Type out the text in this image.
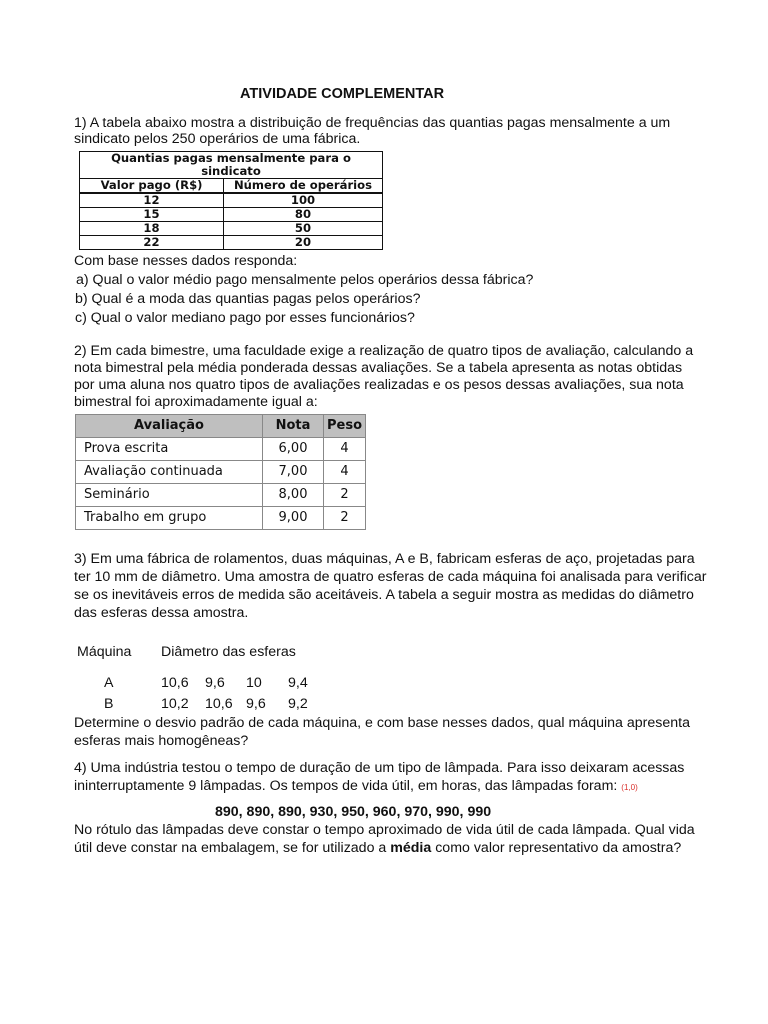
ATIVIDADE COMPLEMENTAR
1) A tabela abaixo mostra a distribuição de frequências das quantias pagas mensalmente a um
sindicato pelos 250 operários de uma fábrica.
Quantias pagas mensalmente para o sindicato	
Valor pago (R$)	Número de operários
12	100
15	80
18	50
22	20
Com base nesses dados responda:
a) Qual o valor médio pago mensalmente pelos operários dessa fábrica?
b) Qual é a moda das quantias pagas pelos operários?
c) Qual o valor mediano pago por esses funcionários?
2) Em cada bimestre, uma faculdade exige a realização de quatro tipos de avaliação, calculando a
nota bimestral pela média ponderada dessas avaliações. Se a tabela apresenta as notas obtidas
por uma aluna nos quatro tipos de avaliações realizadas e os pesos dessas avaliações, sua nota
bimestral foi aproximadamente igual a:
Avaliação	Nota	Peso
Prova escrita	6,00	4
Avaliação continuada	7,00	4
Seminário	8,00	2
Trabalho em grupo	9,00	2
3) Em uma fábrica de rolamentos, duas máquinas, A e B, fabricam esferas de aço, projetadas para
ter 10 mm de diâmetro. Uma amostra de quatro esferas de cada máquina foi analisada para verificar
se os inevitáveis erros de medida são aceitáveis. A tabela a seguir mostra as medidas do diâmetro
das esferas dessa amostra.
Máquina Diâmetro das esferas
A	10,6 9,6 10 9,4
B	10,2 10,6 9,6 9,2
Determine o desvio padrão de cada máquina, e com base nesses dados, qual máquina apresenta
esferas mais homogêneas?
4) Uma indústria testou o tempo de duração de um tipo de lâmpada. Para isso deixaram acessas
ininterruptamente 9 lâmpadas. Os tempos de vida útil, em horas, das lâmpadas foram: (1,0)
890, 890, 890, 930, 950, 960, 970, 990, 990
No rótulo das lâmpadas deve constar o tempo aproximado de vida útil de cada lâmpada. Qual vida
útil deve constar na embalagem, se for utilizado a média como valor representativo da amostra?
